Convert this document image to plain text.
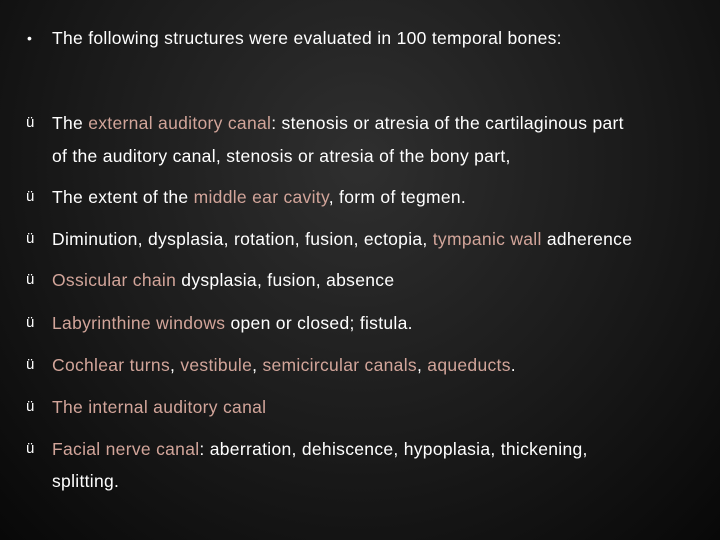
• The following structures were evaluated in 100 temporal bones:
ü The external auditory canal: stenosis or atresia of the cartilaginous part
of the auditory canal, stenosis or atresia of the bony part,
ü The extent of the middle ear cavity, form of tegmen.
ü Diminution, dysplasia, rotation, fusion, ectopia, tympanic wall adherence
ü Ossicular chain dysplasia, fusion, absence
ü Labyrinthine windows open or closed; fistula.
ü Cochlear turns, vestibule, semicircular canals, aqueducts.
ü The internal auditory canal
ü Facial nerve canal: aberration, dehiscence, hypoplasia, thickening,
splitting.
